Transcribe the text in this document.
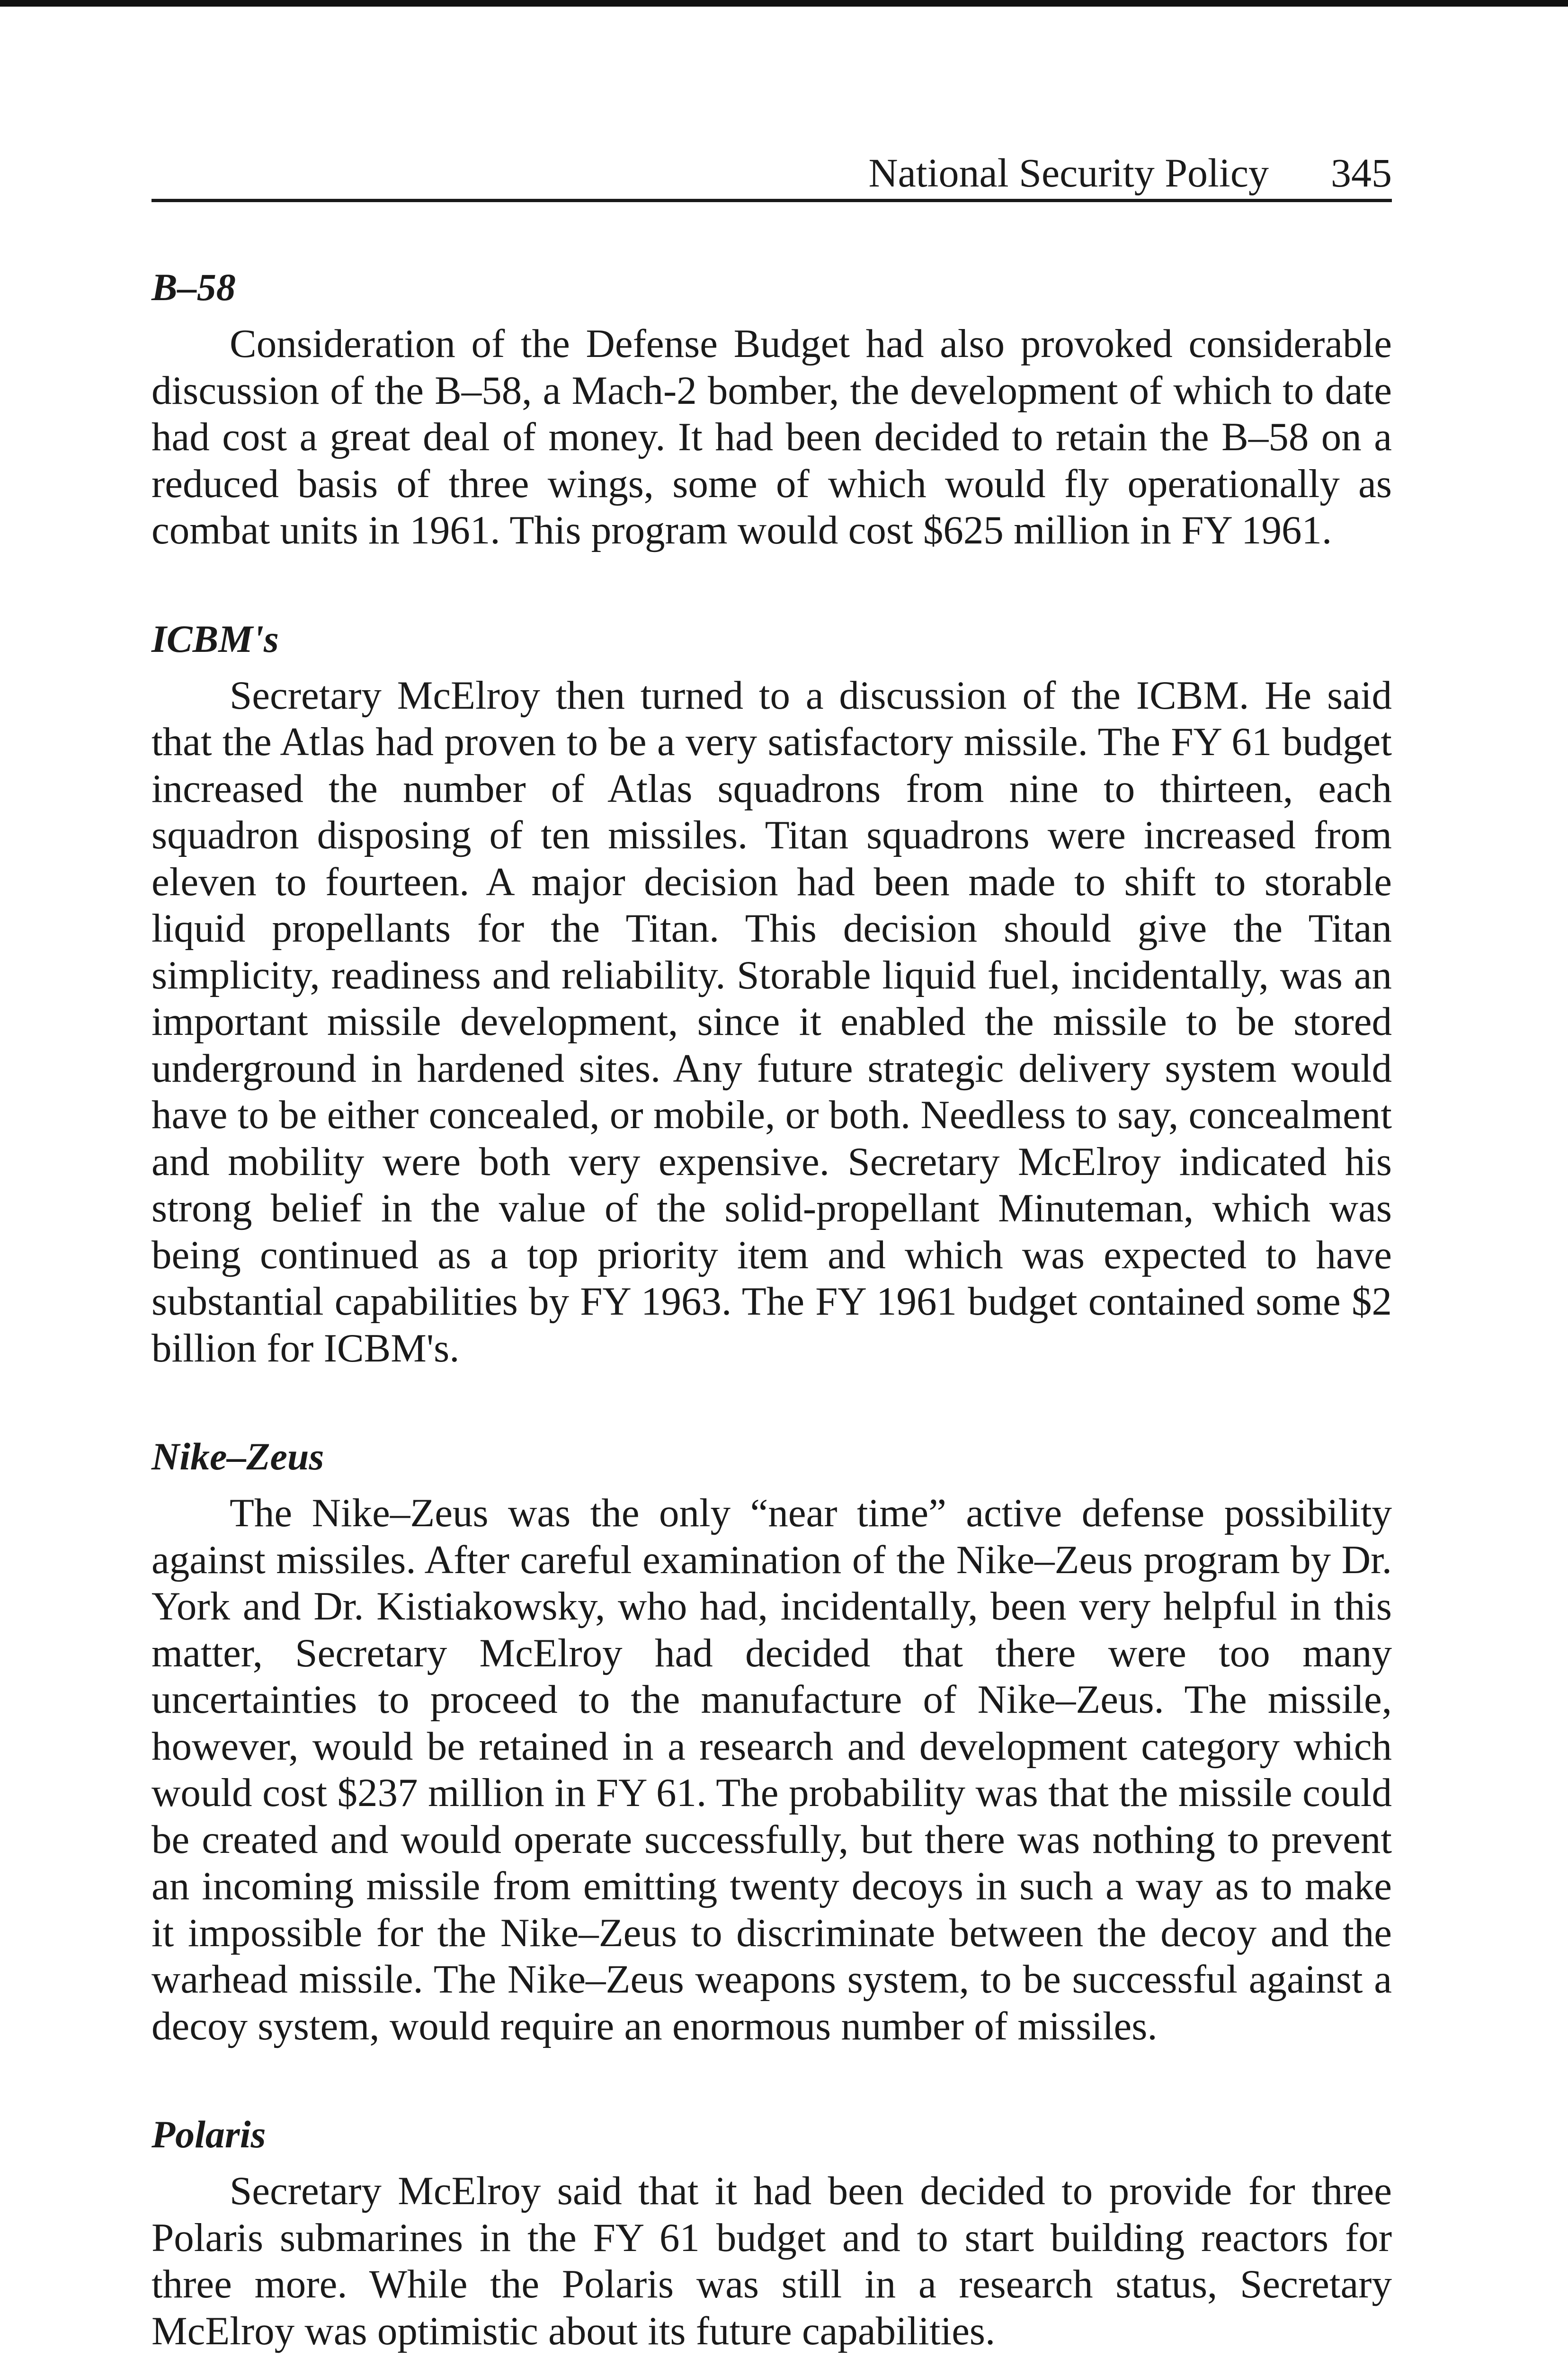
National Security Policy 345
B–58

Consideration of the Defense Budget had also provoked considerable discussion of the B–58, a Mach-2 bomber, the development of which to date had cost a great deal of money. It had been decided to retain the B–58 on a reduced basis of three wings, some of which would fly operationally as combat units in 1961. This program would cost $625 million in FY 1961.

ICBM's

Secretary McElroy then turned to a discussion of the ICBM. He said that the Atlas had proven to be a very satisfactory missile. The FY 61 budget increased the number of Atlas squadrons from nine to thirteen, each squadron disposing of ten missiles. Titan squadrons were increased from eleven to fourteen. A major decision had been made to shift to storable liquid propellants for the Titan. This decision should give the Titan simplicity, readiness and reliability. Storable liquid fuel, incidentally, was an important missile development, since it enabled the missile to be stored underground in hardened sites. Any future strategic delivery system would have to be either concealed, or mobile, or both. Needless to say, concealment and mobility were both very expensive. Secretary McElroy indicated his strong belief in the value of the solid-propellant Minuteman, which was being continued as a top priority item and which was expected to have substantial capabilities by FY 1963. The FY 1961 budget contained some $2 billion for ICBM's.

Nike–Zeus

The Nike–Zeus was the only “near time” active defense possibility against missiles. After careful examination of the Nike–Zeus program by Dr. York and Dr. Kistiakowsky, who had, incidentally, been very helpful in this matter, Secretary McElroy had decided that there were too many uncertainties to proceed to the manufacture of Nike–Zeus. The missile, however, would be retained in a research and development category which would cost $237 million in FY 61. The probability was that the missile could be created and would operate successfully, but there was nothing to prevent an incoming missile from emitting twenty decoys in such a way as to make it impossible for the Nike–Zeus to discriminate between the decoy and the warhead missile. The Nike–Zeus weapons system, to be successful against a decoy system, would require an enormous number of missiles.

Polaris

Secretary McElroy said that it had been decided to provide for three Polaris submarines in the FY 61 budget and to start building reactors for three more. While the Polaris was still in a research status, Secretary McElroy was optimistic about its future capabilities.
